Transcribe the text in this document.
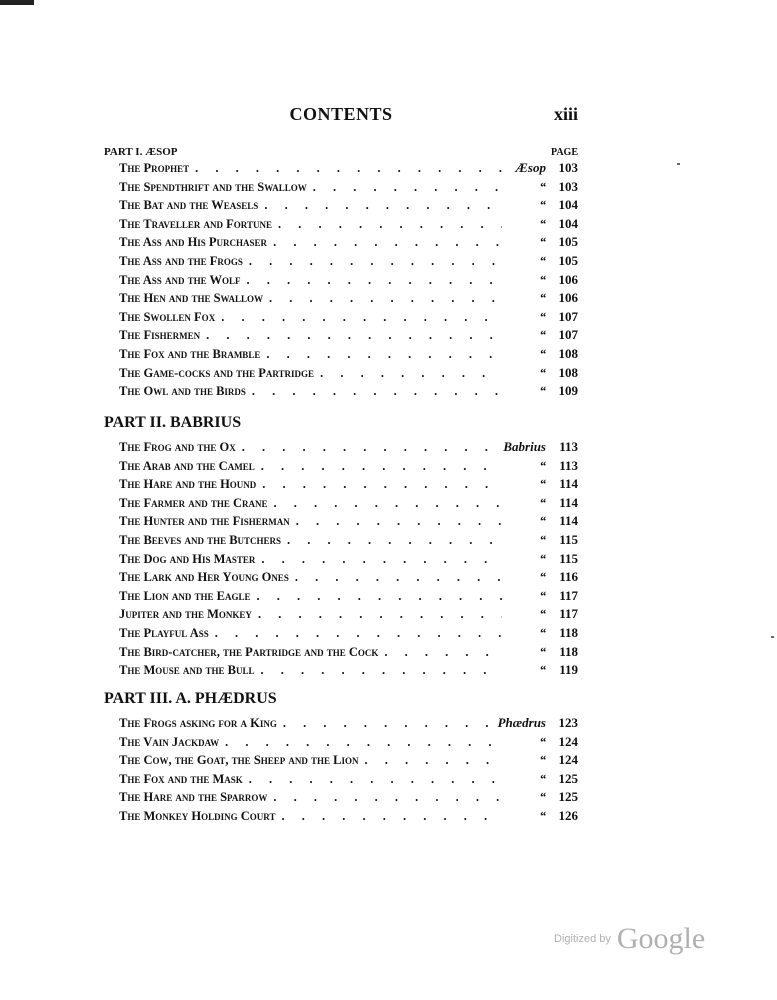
CONTENTS	xiii
PART I. ÆSOP	PAGE
The Prophet . . .	Æsop 103
The Spendthrift and the Swallow . . .	“ 103
The Bat and the Weasels . . .	“ 104
The Traveller and Fortune . . .	“ 104
The Ass and His Purchaser . . .	“ 105
The Ass and the Frogs . . .	“ 105
The Ass and the Wolf . . .	“ 106
The Hen and the Swallow . . .	“ 106
The Swollen Fox . . .	“ 107
The Fishermen . . .	“ 107
The Fox and the Bramble . . .	“ 108
The Game-cocks and the Partridge . . .	“ 108
The Owl and the Birds . . .	“ 109
PART II. BABRIUS
The Frog and the Ox . . .	Babrius	113
The Arab and the Camel . . .	“	113
The Hare and the Hound . . .	“	114
The Farmer and the Crane . . .	“	114
The Hunter and the Fisherman . . .	“	114
The Beeves and the Butchers . . .	“	115
The Dog and His Master . . .	“	115
The Lark and Her Young Ones . . .	“	116
The Lion and the Eagle . . .	“	117
Jupiter and the Monkey . . .	“	117
The Playful Ass . . .	“	118
The Bird-catcher, the Partridge and the Cock . . .	“	118
The Mouse and the Bull . . .	“	119
PART III. A. PHÆDRUS
The Frogs asking for a King . . .	Phædrus 123
The Vain Jackdaw . . .	“ 124
The Cow, the Goat, the Sheep and the Lion . . .	“ 124
The Fox and the Mask . . .	“ 125
The Hare and the Sparrow . . .	“ 125
The Monkey Holding Court . . .	“ 126
$^{Digitized by}$ Google
